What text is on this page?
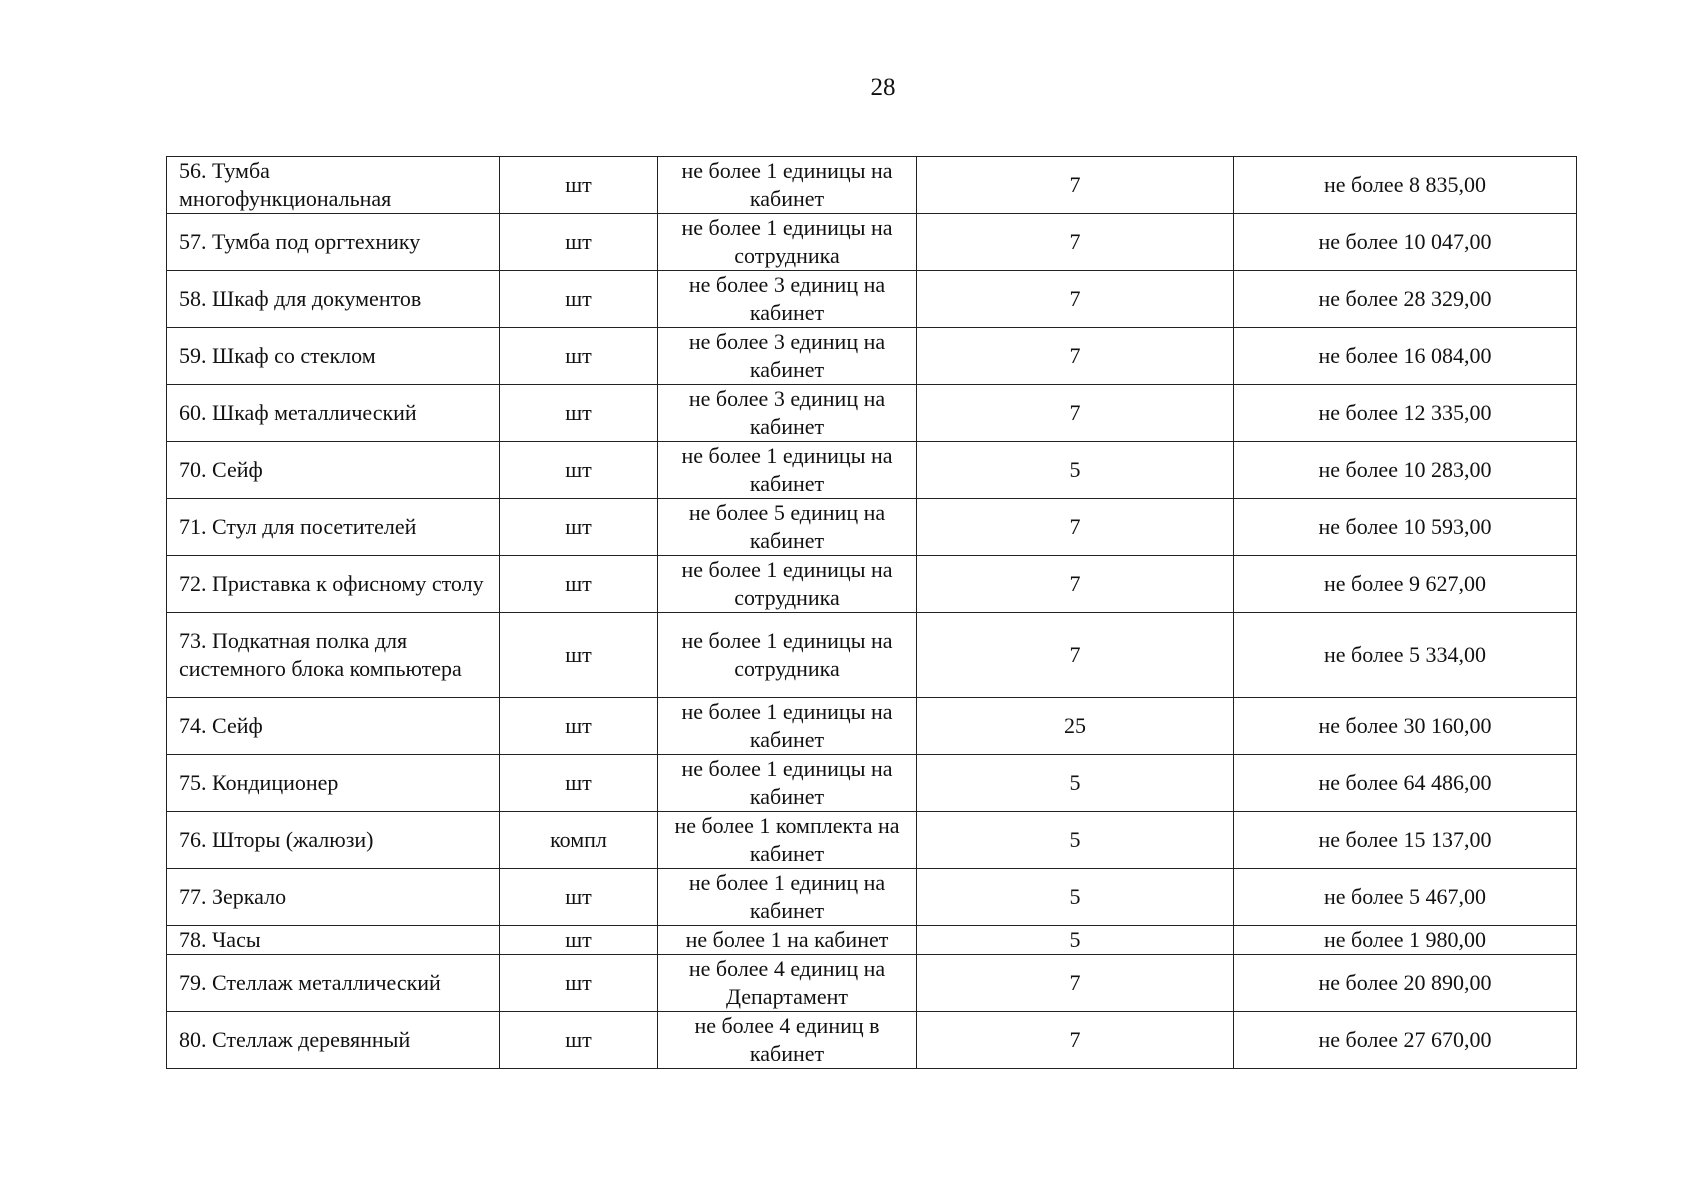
28
56. Тумба многофункциональная	шт	не более 1 единицы на кабинет	7	не более 8 835,00
57. Тумба под оргтехнику	шт	не более 1 единицы на сотрудника	7	не более 10 047,00
58. Шкаф для документов	шт	не более 3 единиц на кабинет	7	не более 28 329,00
59. Шкаф со стеклом	шт	не более 3 единиц на кабинет	7	не более 16 084,00
60. Шкаф металлический	шт	не более 3 единиц на кабинет	7	не более 12 335,00
70. Сейф	шт	не более 1 единицы на кабинет	5	не более 10 283,00
71. Стул для посетителей	шт	не более 5 единиц на кабинет	7	не более 10 593,00
72. Приставка к офисному столу	шт	не более 1 единицы на сотрудника	7	не более 9 627,00
73. Подкатная полка для системного блока компьютера	шт	не более 1 единицы на сотрудника	7	не более 5 334,00
74. Сейф	шт	не более 1 единицы на кабинет	25	не более 30 160,00
75. Кондиционер	шт	не более 1 единицы на кабинет	5	не более 64 486,00
76. Шторы (жалюзи)	компл	не более 1 комплекта на кабинет	5	не более 15 137,00
77. Зеркало	шт	не более 1 единиц на кабинет	5	не более 5 467,00
78. Часы	шт	не более 1 на кабинет	5	не более 1 980,00
79. Стеллаж металлический	шт	не более 4 единиц на Департамент	7	не более 20 890,00
80. Стеллаж деревянный	шт	не более 4 единиц в кабинет	7	не более 27 670,00
